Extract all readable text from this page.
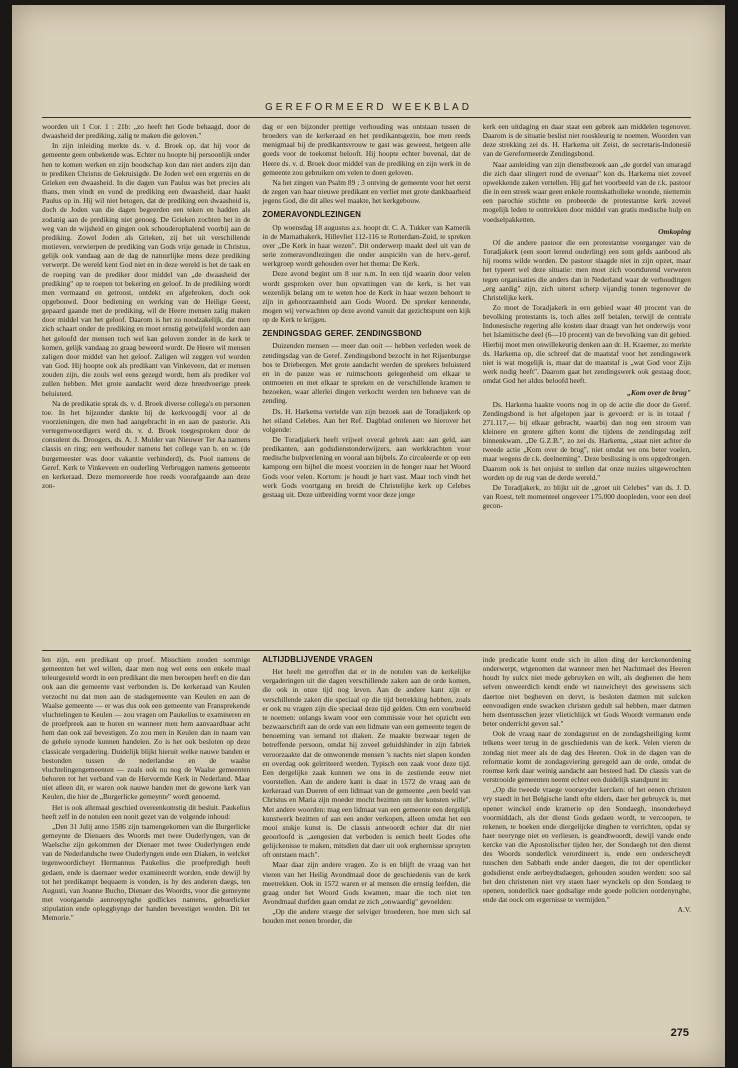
GEREFORMEERD WEEKBLAD

woorden uit 1 Cor. 1 : 21b: „zo heeft het Gode behaagd, door de dwaasheid der prediking, zalig te maken die geloven."

In zijn inleiding merkte ds. v. d. Broek op, dat hij voor de gemeente geen onbekende was. Echter nu hoopte hij persoonlijk onder hen te komen werken en zijn boodschap kon dan niet anders zijn dan te prediken Christus de Gekruisigde. De Joden wel een ergernis en de Grieken een dwaasheid. In die dagen van Paulus was het precies als thans, men vindt en vond de prediking een dwaasheid, daar haakt Paulus op in. Hij wil niet betogen, dat de prediking een dwaasheid is, doch de Joden van die dagen begeerden een teken en hadden als zodanig aan de prediking niet genoeg. De Grieken zochten het in de weg van de wijsheid en gingen ook schouderophalend voorbij aan de prediking. Zowel Joden als Grieken, zij het uit verschillende motieven, verwierpen de prediking van Gods vrije genade in Christus, gelijk ook vandaag aan de dag de natuurlijke mens deze prediking verwerpt. De wereld kent God niet en in deze wereld is het de taak en de roeping van de prediker door middel van „de dwaasheid der prediking" op te roepen tot bekering en geloof. In de prediking wordt men vermaand en getroost, ontdekt en afgebroken, doch ook opgebouwd. Door bediening en werking van de Heilige Geest, gepaard gaande met de prediking, wil de Heere mensen zalig maken door middel van het geloof. Daarom is het zo noodzakelijk, dat men zich schaart onder de prediking en moet ernstig getwijfeld worden aan het geloofd der mensen toch wel kan geloven zonder in de kerk te komen, gelijk vandaag zo graag beweerd wordt. De Heere wil mensen zaligen door middel van het geloof. Zaligen wil zeggen vol worden van God. Hij hoopte ook als predikant van Vinkeveen, dat er mensen zouden zijn, die zouls wel eens gezegd wordt, hem als prediker vol zullen hebben. Met grote aandacht werd deze breedvoerige preek beluisterd.

Na de predikatie sprak ds. v. d. Broek diverse collega's en personen toe. In het bijzonder dankte hij de kerkvoogdij voor al de voorzieningen, die men had aangebracht in en aan de pastorie. Als vertegenwoordigers werd ds. v. d. Broek toegesproken door de consulent ds. Droogers, ds. A. J. Mulder van Nieuwer Ter Aa namens classis en ring; een wethouder namens het college van b. en w. (de burgemeester was door vakantie verhinderd), ds. Pool namens de Geref. Kerk te Vinkeveen en ouderling Verbruggen namens gemeente en kerkeraad. Deze memoreerde hoe reeds voorafgaande aan deze zon-

dag er een bijzonder prettige verhouding was ontstaan tussen de broeders van de kerkeraad en het predikantsgezin, hoe men reeds menigmaal bij de predikantsvrouw te gast was geweest, hetgeen alle goeds voor de toekomst belooft. Hij hoopte echter bovenal, dat de Heere ds. v. d. Broek door middel van de prediking en zijn werk in de gemeente zou gebruiken om velen te doen geloven.

Na het zingen van Psalm 89 : 3 ontving de gemeente voor het eerst de zegen van haar nieuwe predikant en verliet met grote dankbaarheid jegens God, die dit alles wel maakte, het kerkgebouw.

ZOMERAVONDLEZINGEN

Op woensdag 18 augustus a.s. hoopt dr. C. A. Tukker van Kamerik in de Marnathakerk, Hillevliet 112-116 te Rotterdam-Zuid, te spreken over „De Kerk in haar wezen". Dit onderwerp maakt deel uit van de serie zomeravondlezingen die onder auspiciën van de herv.-geref. werkgroep wordt gehouden over het thema: De Kerk.

Deze avond begint om 8 uur n.m. In een tijd waarin door velen wordt gesproken over hun opvattingen van de kerk, is het van wezenlijk belang om te weten hoe de Kerk in haar wezen behoort te zijn in gehoorzaamheid aan Gods Woord. De spreker kennende, mogen wij verwachten op deze avond vanuit dat gezichtspunt een kijk op de Kerk te krijgen.

ZENDINGSDAG GEREF. ZENDINGSBOND

Duizenden mensen — meer dan ooit — hebben verleden week de zendingsdag van de Geref. Zendingsbond bezocht in het Rijsenburgse bos te Driebergen. Met grote aandacht werden de sprekers beluisterd en in de pauze was er ruimschoots gelegenheid om elkaar te ontmoeten en met elkaar te spreken en de verschillende kramen te bezoeken, waar allerlei dingen verkocht werden ten behoeve van de zending.

Ds. H. Harkema vertelde van zijn bezoek aan de Toradjakerk op het eiland Celebes. Aan het Ref. Dagblad ontlenen we hierover het volgende:

De Toradjakerk heeft vrijwel overal gebrek aan: aan geld, aan predikanten, aan godsdienstonderwijzers, aan werkkrachten voor medische hulpverlening en vooral aan bijbels. Zo circuleerde er op een kampong een bijbel die moest voorzien in de honger naar het Woord Gods voor velen. Kortom: je houdt je hart vast. Maar toch vindt het werk Gods voortgang en breidt de Christelijke kerk op Celebes gestaag uit. Deze uitbreiding vormt voor deze jonge

kerk een uitdaging en daar staat een gebrek aan middelen tegenover. Daarom is de situatie beslist niet rooskleurig te noemen. Woorden van deze strekking zei ds. H. Harkema uit Zeist, de secretaris-Indonesië van de Gereformeerde Zendingsbond.

Naar aanleiding van zijn dienstbezoek aan „de gordel van smaragd die zich daar slingert rond de evenaar" kon ds. Harkema niet zoveel opwekkende zaken vertellen. Hij gaf het voorbeeld van de r.k. pastoor die in een streek waar geen enkele roomskatholieke woonde, niettemin een parochie stichtte en probeerde de protestantse kerk zoveel mogelijk leden te onttrekken door middel van gratis medische hulp en voedselpakketten.

Omkoping

Of die andere pastoor die een protestantse voorganger van de Toradjakerk (een soort lerend ouderling) een som gelds aanbood als hij rooms wilde worden. De pastoor slaagde niet in zijn opzet, maar het typeert wel deze situatie: men moet zich voortdurend verweren tegen organisaties die anders dan in Nederland waar de verhoudingen „erg aardig" zijn, zich uiterst scherp vijandig tonen tegenover de Christelijke kerk.

Zo moet de Toradjakerk in een gebied waar 40 procent van de bevolking protestants is, toch alles zelf betalen, terwijl de centrale Indonesische regering alle kosten daar draagt van het onderwijs voor het Islamitische deel (6—10 procent) van de bevolking van dit gebied. Hierbij moet men onwillekeurig denken aan dr. H. Kraemer, zo merkte ds. Harkema op, die schreef dat de maatstaf voor het zendingswerk niet is wat mogelijk is, maar dat de maatstaf is „wat God voor Zijn werk nodig heeft". Daarom gaat het zendingswerk ook gestaag door, omdat God het aldus beloofd heeft.

„Kom over de brug"

Ds. Harkema haakte voorts nog in op de actie die door de Geref. Zendingsbond is het afgelopen jaar is gevoerd: er is in totaal ƒ 271.117,— bij elkaar gebracht, waarbij dan nog een stroom van kleinere en grotere giften komt die tijdens de zendingsdag zelf binnenkwam. „De G.Z.B.", zo zei ds. Harkema, „staat niet achter de tweede actie „Kom over de brug", niet omdat we ons beter voelen, maar wegens de r.k. deelneming". Deze beslissing is ons opgedrongen. Daarom ook is het onjuist te stellen dat onze nuzies uitgewrochten worden op de rug van de derde wereld."

De Toradjakerk, zo blijkt uit de „groet uit Celebes" van ds. J. D. van Roest, telt momenteel ongeveer 175.000 doopleden, voor een deel gecon-

len zijn, een predikant op proef. Misschien zouden sommige gemeenten het wel willen, daar men nog wel eens een enkele maal teleurgesteld wordt in een predikant die men beroepen heeft en die dan ook aan die gemeente vast verbonden is. De kerkeraad van Keulen verzocht nu dat men aan de stadsgemeente van Keulen en aan de Waalse gemeente — er was dus ook een gemeente van Fransprekende vluchtelingen te Keulen — zou vragen om Paukelius te examineren en de proefpreek aan te horen en wanneer men hem aanvaardbaar acht hem dan ook zal bevestigen. Zo zou men in Keulen dan in naam van de gehele synode kunnen handelen. Zo is het ook besloten op deze classicale vergadering. Duidelijk blijkt hieruit welke nauwe banden er bestonden tussen de nederlandse en de waalse vluchtelingengemeenten — zoals ook nu nog de Waalse gemeenten behoren tot het verband van de Hervormde Kerk in Nederland. Maar niet alleen dit, er waren ook nauwe banden met de gewone kerk van Keulen, die hier de „Burgerlicke gemeynte" wordt genoemd.

Het is ook allemaal geschied overeenkomstig dit besluit. Paukelius heeft zelf in de notulen een nooit gezet van de volgende inhoud:

„Den 31 Julij anno 1586 zijn tsamengekomen van die Burgerlicke gemeynte de Dienaers des Woords met twee Ouderlyngen, van de Waelsche zijn gekommen der Dienaer met twee Ouderlyngen ende van de Nederlandsche twee Ouderlyngen ende een Diaken, in welcker tegenwoordicheyt Hermannus Paukelius die proefpredigh heeft gedaen, ende is daernaer weder examineerdt worden, ende dewijl hy tot het predikampt bequaem is vonden, is hy des anderen daegs, ten Augusti, van Joanne Bucho, Dienaer des Woordts, voor die gemeynte met voorgaende aenroepynghe godlickes namens, gebuerlicker stipulation ende oplegghynge der handen bevestiget worden. Dit ter Memorie."

ALTIJDBLIJVENDE VRAGEN

Het heeft me getroffen dat er in de notulen van de kerkelijke vergaderingen uit die dagen verschillende zaken aan de orde komen, die ook in onze tijd nog leven. Aan de andere kant zijn er verschillende zaken die speciaal op die tijd betrekking hebben, zoals er ook nu vragen zijn die speciaal deze tijd gelden. Om een voorbeeld te noemen: onlangs kwam voor een commissie voor het opzicht een bezwaarschrift aan de orde van een lidmate van een gemeente tegen de benoeming van iemand tot diaken. Ze maakte bezwaar tegen de betreffende persoon, omdat hij zoveel geluidshinder in zijn fabriek veroorzaakte dat de omwonende mensen 's nachts niet slapen konden en overdag ook geïrriteerd werden. Typisch een zaak voor deze tijd. Een dergelijke zaak kunnen we ons in de zestiende eeuw niet voorstellen. Aan de andere kant is daar in 1572 de vraag aan de kerkeraad van Dueren of een lidmaat van de gemeente „een beeld van Christus en Maria zijn moeder mocht bezitten om der konsten wille". Met andere woorden: mag een lidmaat van een gemeente een dergelijk kunstwerk bezitten of aan een ander verkopen, alleen omdat het een mooi stukje kunst is. De classis antwoordt echter dat dit niet geoorloofd is „aengesien dat verboden is eenich beelt Godes ofte gelijckenisse te maken, mitsdien dat daer uit ook erghernisse spruyten oft ontstaen mach".

Maar daar zijn andere vragen. Zo is en blijft de vraag van het vieren van het Heilig Avondmaal door de geschiedenis van de kerk meetrekken. Ook in 1572 waren er al mensen die ernstig leefden, die graag onder het Woord Gods kwamen, maar die toch niet ten Avondmaal durfden gaan omdat ze zich „onwaardig" gevoelden:

„Op die andere vraege der selviger broederen, hoe men sich sal houden met eenen broeder, die

inde predicatie komt ende sich in allen ding der kerckenordening onderwerpt, wtgenomen dat wanneer men het Nachtmael des Heeren houdt hy sulcx niet mede gebruyken en wilt, als deghenen die hem selven onweerdich kendt ende wt nauwicheyt des gewissens sich daertoe niet begheven en dervt, is besloten datmen mit sulcken eenvoudigen ende swacken christen gedult sal hebben, maer datmen hem dsentusschen jezer vlietichlijck wt Gods Woordt vermanen ende beter onderricht geven sal."

Ook de vraag naar de zondagsrust en de zondagsheiliging komt telkens weer terug in de geschiedenis van de kerk. Velen vieren de zondag niet meer als de dag des Heeren. Ook in de dagen van de reformatie komt de zondagsviering geregeld aan de orde, omdat de roomse kerk daar weinig aandacht aan besteed had. De classis van de verstrooide gemeenten neemt echter een duidelijk standpunt in:

„Op die tweede vraege voorseyder kercken: of het eenen christen vry staedt in het Belgische landt ofte elders, daer het gebruyck is, met opener winckel ende kramerie op den Sondaegh, insonderheyd voormiddach, als der dienst Gods gedaen wordt, te vercoopen, te rekenen, te boeken ende diergelijcke dinghen te verrichten, opdat sy haer neerynge niet en verliesen, is geandtwoordt, dewijl vande ende kercke van die Apostolischer tijden her, der Sondaegh tot den dienst des Woords sonderlick verordineert is, ende een onderscheydt tusschen den Sabbath ende ander daegen, die tot der opentlicker godsdienst ende aerbeydtsdaegen, gehouden souden werden: soo sal het den christenen niet vry staen haer wynckels op den Sondaeg te openen, sonderlick naer godsalige ende goede policien oordenynghe, ende dat oock om ergernisse te vermijden."

A.V.
275
